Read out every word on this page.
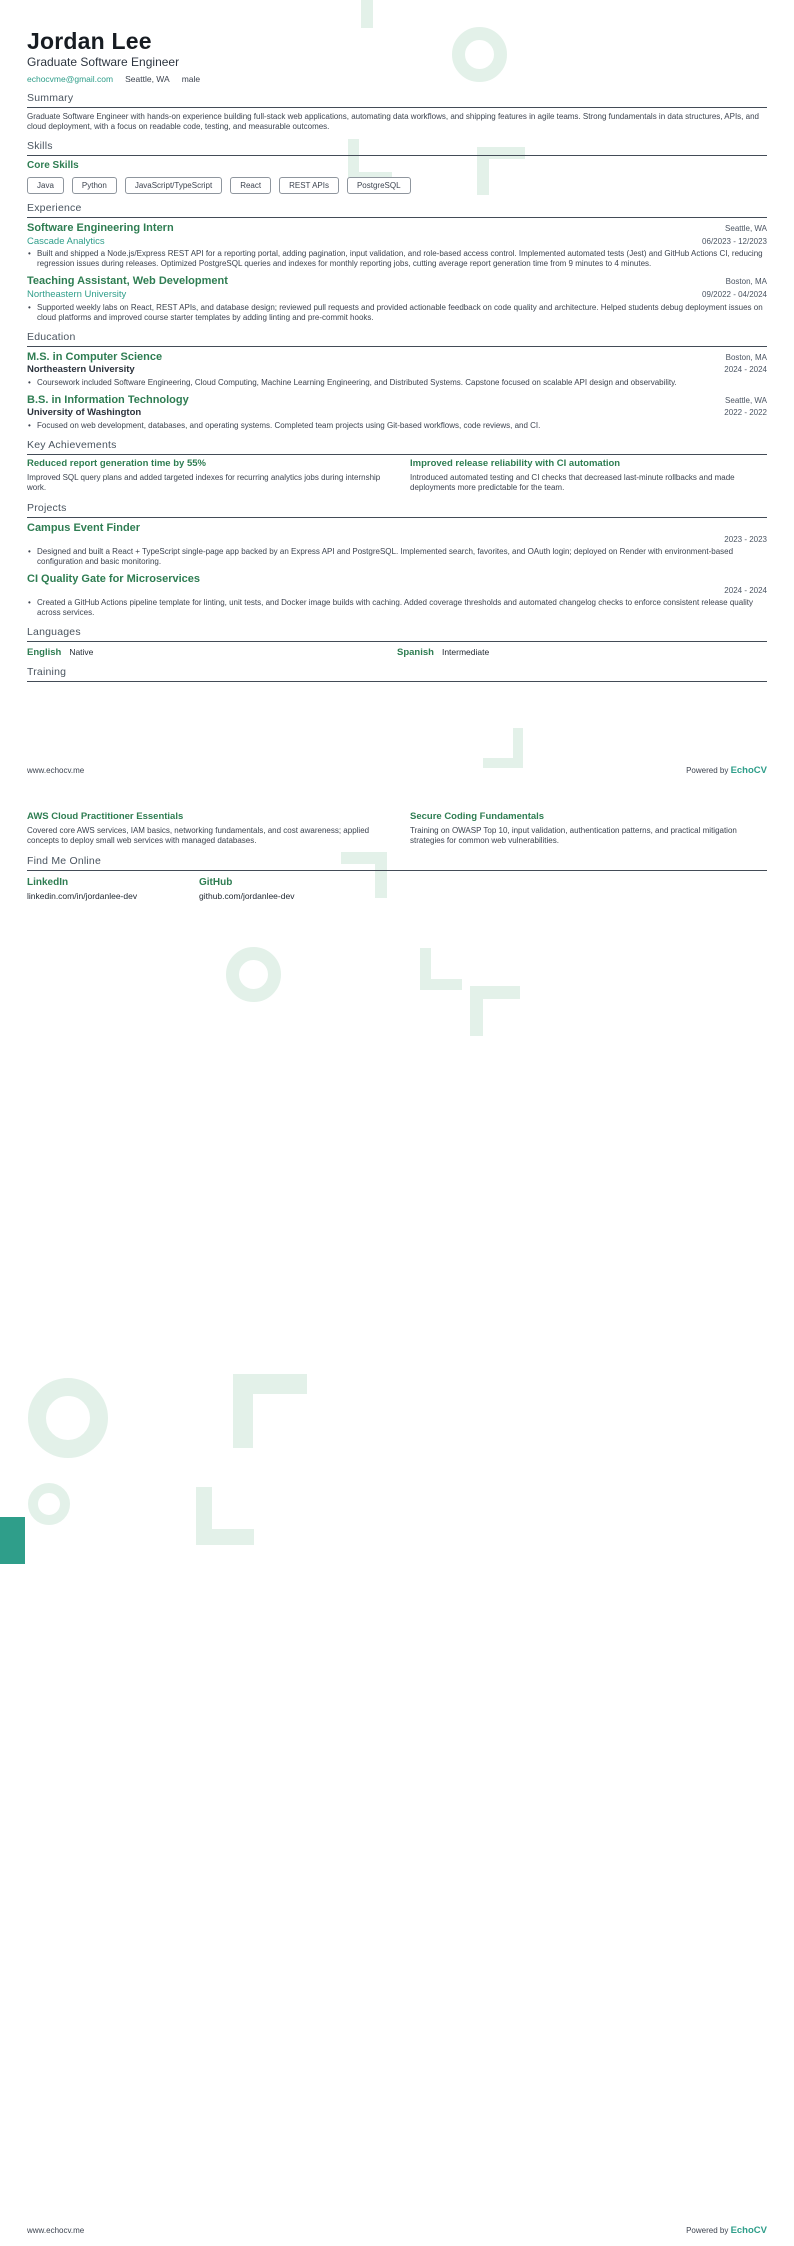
Jordan Lee
Graduate Software Engineer
echocvme@gmail.com Seattle, WA male
Summary

Graduate Software Engineer with hands-on experience building full-stack web applications, automating data workflows, and shipping features in agile teams. Strong fundamentals in data structures, APIs, and cloud deployment, with a focus on readable code, testing, and measurable outcomes.

Skills
Core Skills
Java	Python	JavaScript/TypeScript	React	REST APIs	PostgreSQL
Experience
Software Engineering Intern	Seattle, WA
Cascade Analytics	06/2023 - 12/2023
• Built and shipped a Node.js/Express REST API for a reporting portal, adding pagination, input validation, and role-based access control. Implemented automated tests (Jest) and GitHub Actions CI, reducing regression issues during releases. Optimized PostgreSQL queries and indexes for monthly reporting jobs, cutting average report generation time from 9 minutes to 4 minutes.
Teaching Assistant, Web Development	Boston, MA
Northeastern University	09/2022 - 04/2024
• Supported weekly labs on React, REST APIs, and database design; reviewed pull requests and provided actionable feedback on code quality and architecture. Helped students debug deployment issues on cloud platforms and improved course starter templates by adding linting and pre-commit hooks.
Education
M.S. in Computer Science	Boston, MA
Northeastern University	2024 - 2024
• Coursework included Software Engineering, Cloud Computing, Machine Learning Engineering, and Distributed Systems. Capstone focused on scalable API design and observability.
B.S. in Information Technology	Seattle, WA
University of Washington	2022 - 2022
• Focused on web development, databases, and operating systems. Completed team projects using Git-based workflows, code reviews, and CI.
Key Achievements
Reduced report generation time by 55%
Improved SQL query plans and added targeted indexes for recurring analytics jobs during internship work.
Improved release reliability with CI automation
Introduced automated testing and CI checks that decreased last-minute rollbacks and made deployments more predictable for the team.
Projects
Campus Event Finder
2023 - 2023
• Designed and built a React + TypeScript single-page app backed by an Express API and PostgreSQL. Implemented search, favorites, and OAuth login; deployed on Render with environment-based configuration and basic monitoring.
CI Quality Gate for Microservices
2024 - 2024
• Created a GitHub Actions pipeline template for linting, unit tests, and Docker image builds with caching. Added coverage thresholds and automated changelog checks to enforce consistent release quality across services.
Languages
English Native	Spanish Intermediate
Training
www.echocv.me	Powered by EchoCV
AWS Cloud Practitioner Essentials
Covered core AWS services, IAM basics, networking fundamentals, and cost awareness; applied concepts to deploy small web services with managed databases.
Secure Coding Fundamentals
Training on OWASP Top 10, input validation, authentication patterns, and practical mitigation strategies for common web vulnerabilities.
Find Me Online
LinkedIn
linkedin.com/in/jordanlee-dev
GitHub
github.com/jordanlee-dev
www.echocv.me	Powered by EchoCV
